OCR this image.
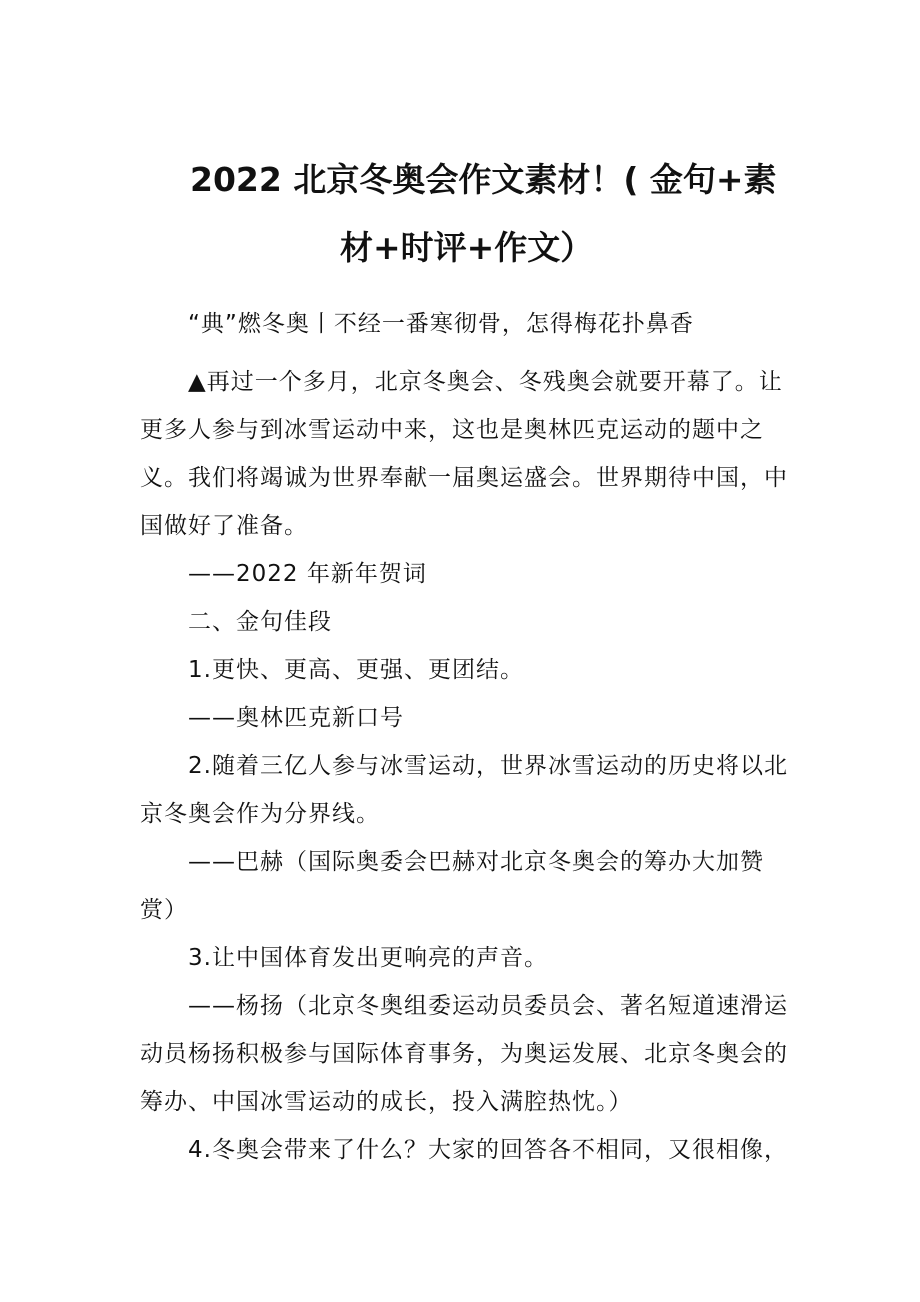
2022 北京冬奥会作文素材！( 金句+素
材+时评+作文）
“典”燃冬奥丨不经一番寒彻骨，怎得梅花扑鼻香
▲再过一个多月，北京冬奥会、冬残奥会就要开幕了。让更多人参与到冰雪运动中来，这也是奥林匹克运动的题中之义。我们将竭诚为世界奉献一届奥运盛会。世界期待中国，中国做好了准备。
——2022 年新年贺词
二、金句佳段
1.更快、更高、更强、更团结。
——奥林匹克新口号
2.随着三亿人参与冰雪运动，世界冰雪运动的历史将以北京冬奥会作为分界线。
——巴赫（国际奥委会巴赫对北京冬奥会的筹办大加赞赏）
3.让中国体育发出更响亮的声音。
——杨扬（北京冬奥组委运动员委员会、著名短道速滑运动员杨扬积极参与国际体育事务，为奥运发展、北京冬奥会的筹办、中国冰雪运动的成长，投入满腔热忱。）
4.冬奥会带来了什么？大家的回答各不相同，又很相像，
